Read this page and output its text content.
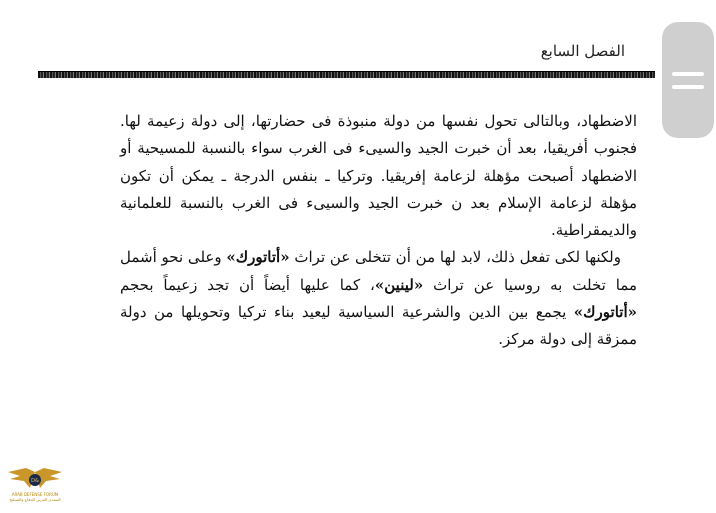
الفصل السابع

الاضطهاد، وبالتالى تحول نفسها من دولة منبوذة فى حضارتها، إلى دولة زعيمة لها. فجنوب أفريقيا، بعد أن خبرت الجيد والسيىء فى الغرب سواء بالنسبة للمسيحية أو الاضطهاد أصبحت مؤهلة لزعامة إفريقيا. وتركيا ـ بنفس الدرجة ـ يمكن أن تكون مؤهلة لزعامة الإسلام بعد ن خبرت الجيد والسيىء فى الغرب بالنسبة للعلمانية والديمقراطية.

ولكنها لكى تفعل ذلك، لابد لها من أن تتخلى عن تراث «أتاتورك» وعلى نحو أشمل مما تخلت به روسيا عن تراث «لينين»، كما عليها أيضاً أن تجد زعيماً بحجم «أتاتورك» يجمع بين الدين والشرعية السياسية ليعيد بناء تركيا وتحويلها من دولة ممزقة إلى دولة مركز.

D&
ARAB DEFENSE FORUM
المنتدى العربي للدفاع والتسليح
